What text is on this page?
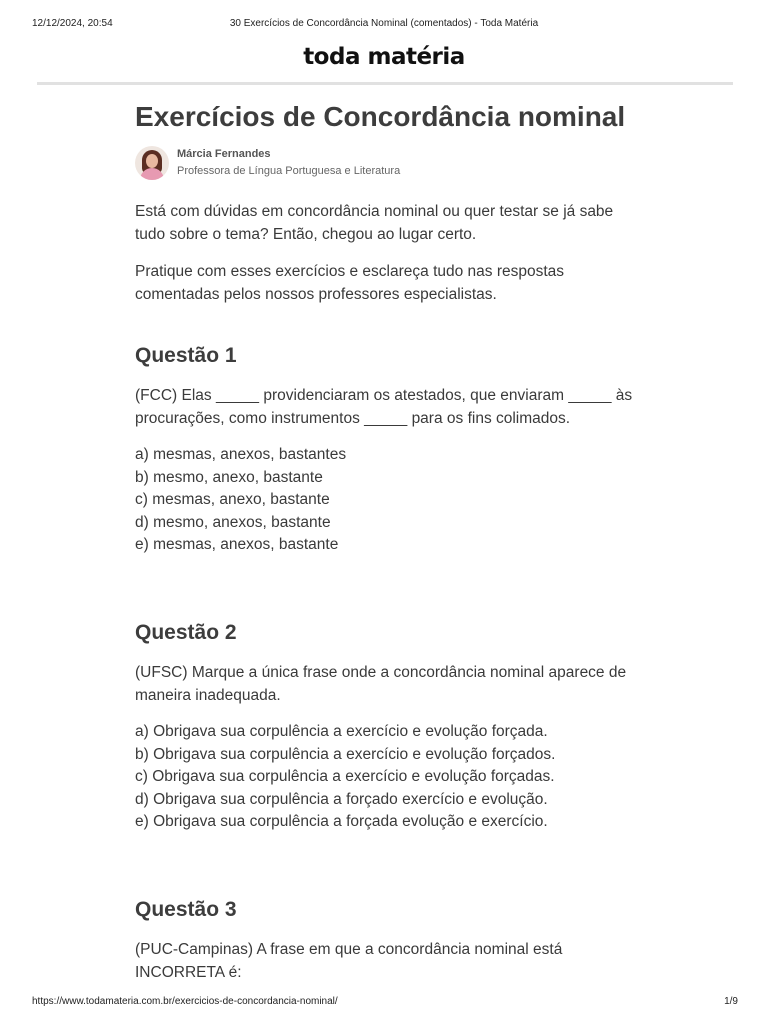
12/12/2024, 20:54	30 Exercícios de Concordância Nominal (comentados) - Toda Matéria
toda matéria
Exercícios de Concordância nominal
Márcia Fernandes
Professora de Língua Portuguesa e Literatura

Está com dúvidas em concordância nominal ou quer testar se já sabe tudo sobre o tema? Então, chegou ao lugar certo.

Pratique com esses exercícios e esclareça tudo nas respostas comentadas pelos nossos professores especialistas.

Questão 1

(FCC) Elas _____ providenciaram os atestados, que enviaram _____ às procurações, como instrumentos _____ para os fins colimados.

a) mesmas, anexos, bastantes
b) mesmo, anexo, bastante
c) mesmas, anexo, bastante
d) mesmo, anexos, bastante
e) mesmas, anexos, bastante
Questão 2

(UFSC) Marque a única frase onde a concordância nominal aparece de maneira inadequada.

a) Obrigava sua corpulência a exercício e evolução forçada.
b) Obrigava sua corpulência a exercício e evolução forçados.
c) Obrigava sua corpulência a exercício e evolução forçadas.
d) Obrigava sua corpulência a forçado exercício e evolução.
e) Obrigava sua corpulência a forçada evolução e exercício.
Questão 3

(PUC-Campinas) A frase em que a concordância nominal está INCORRETA é:

https://www.todamateria.com.br/exercicios-de-concordancia-nominal/	1/9
